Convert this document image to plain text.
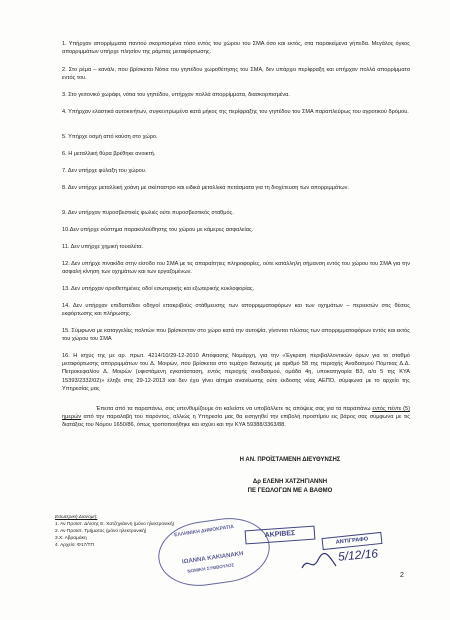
1. Υπήρχαν απορρίμματα παντού σκορπισμένα τόσο εντός του χώρου του ΣΜΑ όσο και εκτός, στα παρακείμενα γήπεδα. Μεγάλος όγκος απορριμμάτων υπήρχε πλησίον της ράμπας μεταφόρτωσης.
2. Στο ρέμα – κανάλι, που βρίσκεται Νότια του γηπέδου χωροθέτησης του ΣΜΑ, δεν υπάρχει περίφραξη και υπήρχαν πολλά απορρίμματα εντός του.
3. Στο γειτονικό χωράφι, νότια του γηπέδου, υπήρχαν πολλά απορρίμματα, διασκορπισμένα.
4. Υπήρχαν ελαστικά αυτοκινήτων, συγκεντρωμένα κατά μήκος της περίφραξης του γηπέδου του ΣΜΑ παραπλεύρως του αγροτικού δρόμου.
5. Υπήρχε οσμή από καύση στο χώρο.
6. Η μεταλλική θύρα βρέθηκε ανοικτή.
7. Δεν υπήρχε φύλαξη του χώρου.
8. Δεν υπήρχε μεταλλική χοάνη με σκέπαστρο και ειδικά μεταλλικά πετάσματα για τη διοχέτευση των απορριμμάτων.
9. Δεν υπήρχαν πυροσβεστικές φωλιές ούτε πυροσβεστικός σταθμός.
10.Δεν υπήρχε σύστημα παρακολούθησης του χώρου με κάμερες ασφαλείας.
11. Δεν υπήρχε χημική τουαλέτα.
12. Δεν υπήρχε πινακίδα στην είσοδο του ΣΜΑ με τις απαραίτητες πληροφορίες, ούτε κατάλληλη σήμανση εντός του χώρου του ΣΜΑ για την ασφαλή κίνηση των οχημάτων και των εργαζομένων.
13. Δεν υπήρχαν οριοθετημένες οδοί εσωτερικής και εξωτερικής κυκλοφορίας.
14. Δεν υπήρχαν επιδαπέδιοι οδηγοί επακριβούς στάθμευσης των απορριμματοφόρων και των οχημάτων – περιεκτών στις θέσεις εκφόρτωσης και πλήρωσης.
15. Σύμφωνα με καταγγελίες πολιτών που βρίσκονταν στο χώρο κατά την αυτοψία, γίνονται πλύσεις των απορριμματοφόρων εντός και εκτός του χώρου του ΣΜΑ
16. Η ισχύς της με αρ. πρωτ. 4214/10/29-12-2010 Απόφασης Νομάρχη, για την «Έγκριση περιβαλλοντικών όρων για το σταθμό μεταφόρτωσης απορριμμάτων του Δ. Μοιρών, που βρίσκεται στο τεμάχιο διανομής με αριθμό 58 της περιοχής Αναδασμού Πόμπιας Δ.Δ. Πετροκεφαλίου Δ. Μοιρών (υφιστάμενη εγκατάσταση, εντός περιοχής αναδασμού, ομάδα 4η, υποκατηγορία Β3, α/α 5 της ΚΥΑ 15393/2332/02)» έληξε στις 29-12-2013 και δεν έχει γίνει αίτημα ανανέωσης ούτε έκδοσης νέας ΑΕΠΟ, σύμφωνα με το αρχείο της Υπηρεσίας μας
Έπειτα από τα παραπάνω, σας υπενθυμίζουμε ότι καλείστε να υποβάλλετε τις απόψεις σας για τα παραπάνω εντός πέντε (5) ημερών από την παραλαβή του παρόντος, αλλιώς η Υπηρεσία μας θα εισηγηθεί την επιβολή προστίμου εις βάρος σας σύμφωνα με τις διατάξεις του Νόμου 1650/86, όπως τροποποιήθηκε και ισχύει και την ΚΥΑ 59388/3363/88.
Η ΑΝ. ΠΡΟΪΣΤΑΜΕΝΗ ΔΙΕΥΘΥΝΣΗΣ
Δρ ΕΛΕΝΗ ΧΑΤΖΗΓΙΑΝΝΗ
ΠΕ ΓΕΩΛΟΓΩΝ ΜΕ Α ΒΑΘΜΟ
Εσωτερική Διανομή:
1. Αν Προϊστ. Δ/νσης Ε. Χατζηγιάννη (μόνο ηλεκτρονική)
2. Αν Προϊστ. Τμήματος (μόνο ηλεκτρονική)
3.Χ. Αβραμάκη
4. Αρχείο: Φ17/ΤΠ
ΕΛΛΗΝΙΚΗ ΔΗΜΟΚΡΑΤΙΑ
ΙΩΑΝΝΑ ΚΑΚΙΑΝΑΚΗ
ΝΟΜΙΚΗ ΣΥΜΒΟΥΛΟΣ
ΑΚΡΙΒΕΣ
ΑΝΤΙΓΡΑΦΟ
5/12/16
2
